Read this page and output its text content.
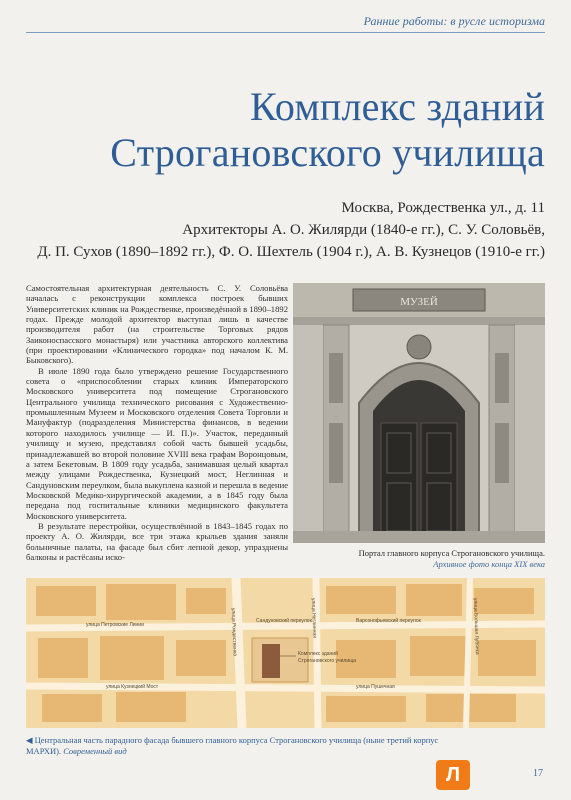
Ранние работы: в русле историзма
Комплекс зданий
Строгановского училища
Москва, Рождественка ул., д. 11
Архитекторы А. О. Жилярди (1840-е гг.), С. У. Соловьёв,
Д. П. Сухов (1890–1892 гг.), Ф. О. Шехтель (1904 г.), А. В. Кузнецов (1910-е гг.)

Самостоятельная архитектурная деятельность С. У. Соловьёва началась с реконструкции комплекса построек бывших Университетских клиник на Рождественке, произведённой в 1890–1892 годах. Прежде молодой архитектор выступал лишь в качестве производителя работ (на строительстве Торговых рядов Заиконоспасского монастыря) или участника авторского коллектива (при проектировании «Клинического городка» под началом К. М. Быковского).

В июле 1890 года было утверждено решение Государственного совета о «приспособлении старых клиник Императорского Московского университета под помещение Строгановского Центрального училища технического рисования с Художественно-промышленным Музеем и Московского отделения Совета Торговли и Мануфактур (подразделения Министерства финансов, в ведении которого находилось училище — И. П.)». Участок, переданный училищу и музею, представлял собой часть бывшей усадьбы, принадлежавшей во второй половине XVIII века графам Воронцовым, а затем Бекетовым. В 1809 году усадьба, занимавшая целый квартал между улицами Рождественка, Кузнецкий мост, Неглинная и Сандуновским переулком, была выкуплена казной и перешла в ведение Московской Медико-хирургической академии, а в 1845 году была передана под госпитальные клиники медицинского факультета Московского университета.

В результате перестройки, осуществлённой в 1843–1845 годах по проекту А. О. Жилярди, все три этажа крыльев здания заняли больничные палаты, на фасаде был сбит лепной декор, упразднены балконы и растёсаны иско-

МУЗЕЙ
Портал главного корпуса Строгановского училища.
Архивное фото конца XIX века
Комплекс зданий
Строгановского училища
улица Петровские Линии
Сандуновский переулок	Варсонофьевский переулок
улица Рождественка
улица Кузнецкий Мост
улица Неглинная
улица Пушечная
улица Большая Лубянка
◀ Центральная часть парадного фасада бывшего главного корпуса Строгановского училища (ныне третий корпус МАРХИ). Современный вид
Л	17
